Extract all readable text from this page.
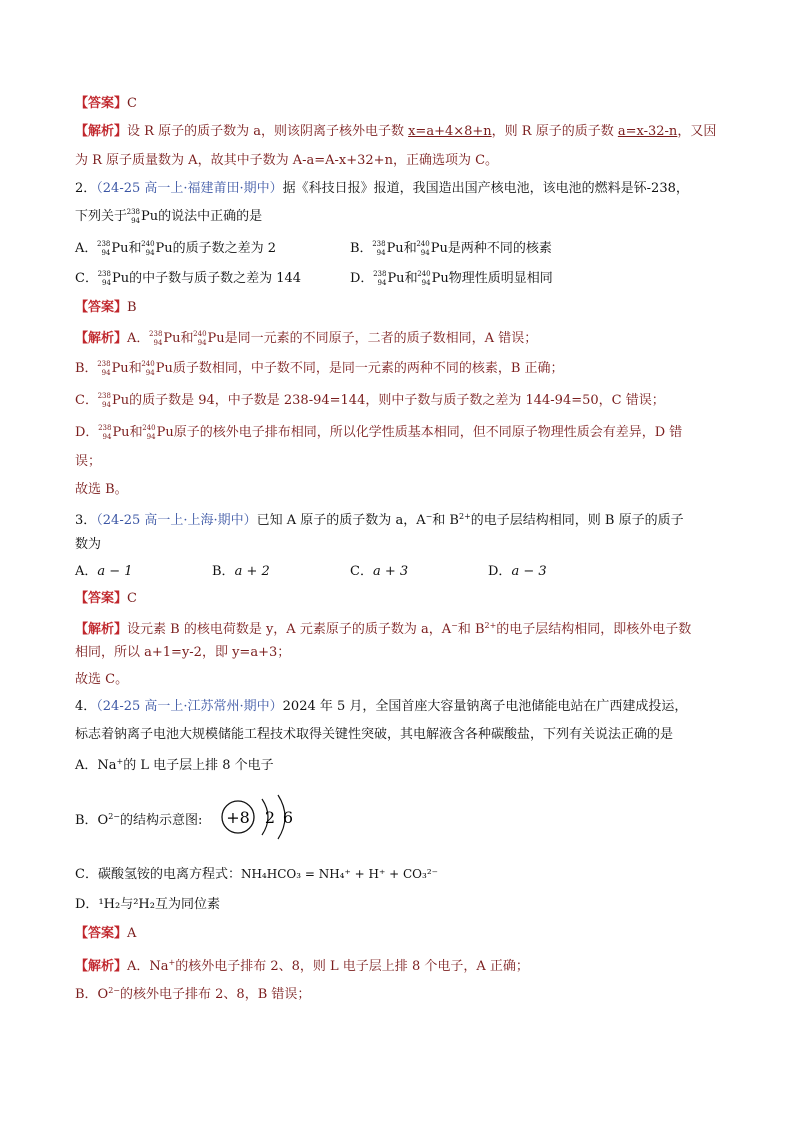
【答案】C
【解析】设 R 原子的质子数为 a，则该阴离子核外电子数 x=a+4×8+n，则 R 原子的质子数 a=x-32-n，又因
为 R 原子质量数为 A，故其中子数为 A-a=A-x+32+n，正确选项为 C。
2．（24-25 高一上·福建莆田·期中）据《科技日报》报道，我国造出国产核电池，该电池的燃料是钚-238，
下列关于 238
94 Pu的说法中正确的是
A． 238
94 Pu和 240
94 Pu的质子数之差为 2	B． 238
94 Pu和 240
94 Pu是两种不同的核素
C． 238
94 Pu的中子数与质子数之差为 144	D． 238
94 Pu和 240
94 Pu物理性质明显相同
【答案】B
【解析】A． 238
94 Pu和 240
94 Pu是同一元素的不同原子，二者的质子数相同，A 错误；
B． 238
94 Pu和 240
94 Pu质子数相同，中子数不同，是同一元素的两种不同的核素，B 正确；
C． 238
94 Pu的质子数是 94，中子数是 238-94=144，则中子数与质子数之差为 144-94=50，C 错误；
D． 238
94 Pu和 240
94 Pu原子的核外电子排布相同，所以化学性质基本相同，但不同原子物理性质会有差异，D 错
误；
故选 B。
3．（24-25 高一上·上海·期中）已知 A 原子的质子数为 a，A−和 $B^{2+}$的电子层结构相同，则 B 原子的质子
数为
A．a − 1	B．a + 2	C．a + 3	D．a − 3
【答案】C
【解析】设元素 B 的核电荷数是 y，A 元素原子的质子数为 a，A−和 $B^{2+}$的电子层结构相同，即核外电子数
相同，所以 a+1=y-2，即 y=a+3；
故选 C。
4．（24-25 高一上·江苏常州·期中）2024 年 5 月，全国首座大容量钠离子电池储能电站在广西建成投运，
标志着钠离子电池大规模储能工程技术取得关键性突破，其电解液含各种碳酸盐，下列有关说法正确的是
A．Na+的 L 电子层上排 8 个电子
B．$O^{2-}$的结构示意图: +8 2 6
C．碳酸氢铵的电离方程式：NH₄HCO₃ = NH₄⁺ + H⁺ + CO₃²⁻
D．¹H₂与²H₂互为同位素
【答案】A
【解析】A．Na+的核外电子排布 2、8，则 L 电子层上排 8 个电子，A 正确；
B．$O^{2-}$的核外电子排布 2、8，B 错误；
